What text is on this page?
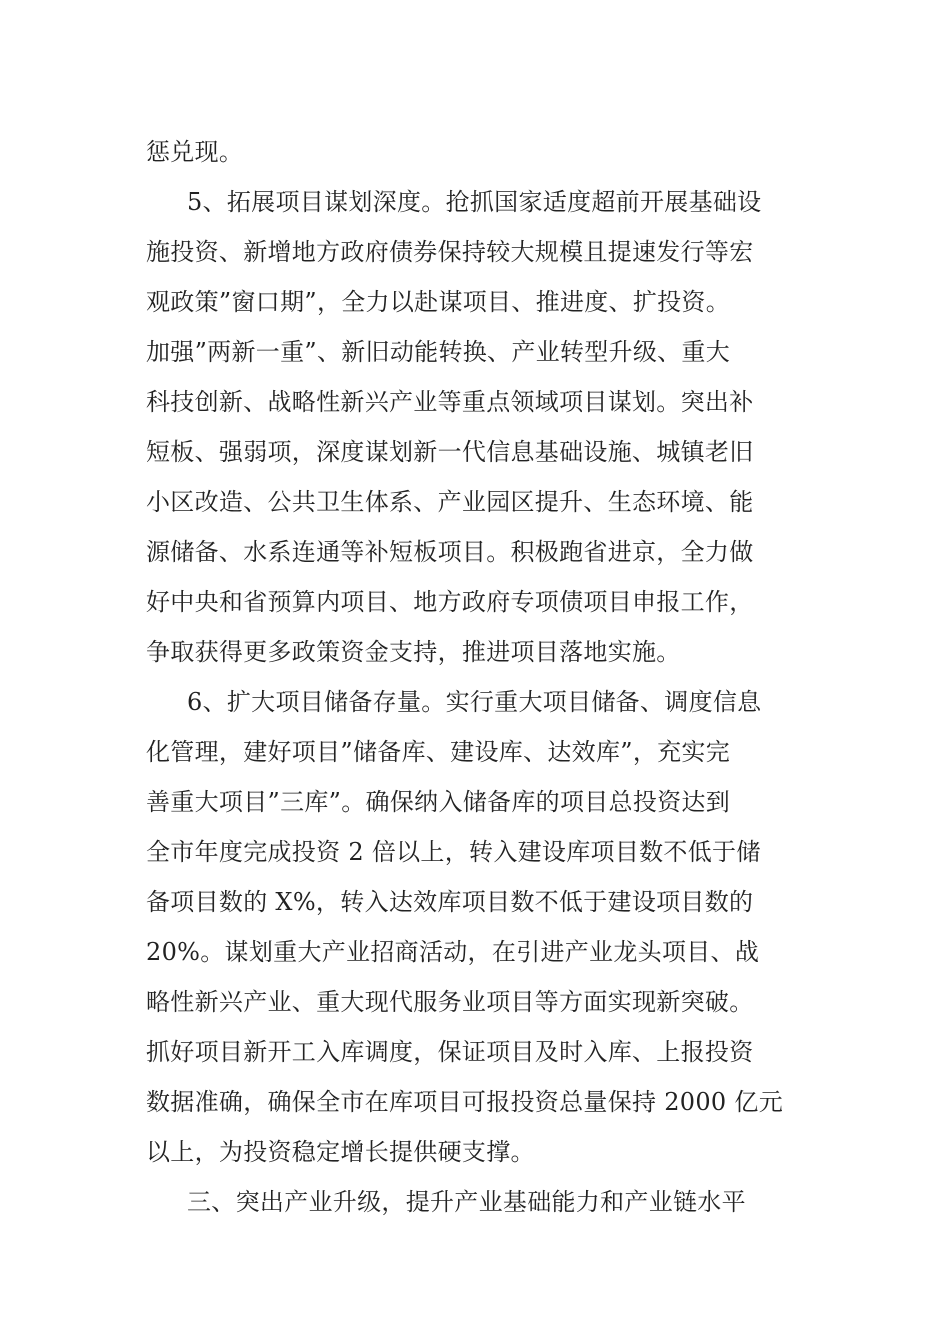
惩兑现。
5、拓展项目谋划深度。抢抓国家适度超前开展基础设
施投资、新增地方政府债券保持较大规模且提速发行等宏
观政策”窗口期”，全力以赴谋项目、推进度、扩投资。
加强”两新一重”、新旧动能转换、产业转型升级、重大
科技创新、战略性新兴产业等重点领域项目谋划。突出补
短板、强弱项，深度谋划新一代信息基础设施、城镇老旧
小区改造、公共卫生体系、产业园区提升、生态环境、能
源储备、水系连通等补短板项目。积极跑省进京，全力做
好中央和省预算内项目、地方政府专项债项目申报工作，
争取获得更多政策资金支持，推进项目落地实施。
6、扩大项目储备存量。实行重大项目储备、调度信息
化管理，建好项目”储备库、建设库、达效库”，充实完
善重大项目”三库”。确保纳入储备库的项目总投资达到
全市年度完成投资 2 倍以上，转入建设库项目数不低于储
备项目数的 X%，转入达效库项目数不低于建设项目数的
20%。谋划重大产业招商活动，在引进产业龙头项目、战
略性新兴产业、重大现代服务业项目等方面实现新突破。
抓好项目新开工入库调度，保证项目及时入库、上报投资
数据准确，确保全市在库项目可报投资总量保持 2000 亿元
以上，为投资稳定增长提供硬支撑。
三、突出产业升级，提升产业基础能力和产业链水平
